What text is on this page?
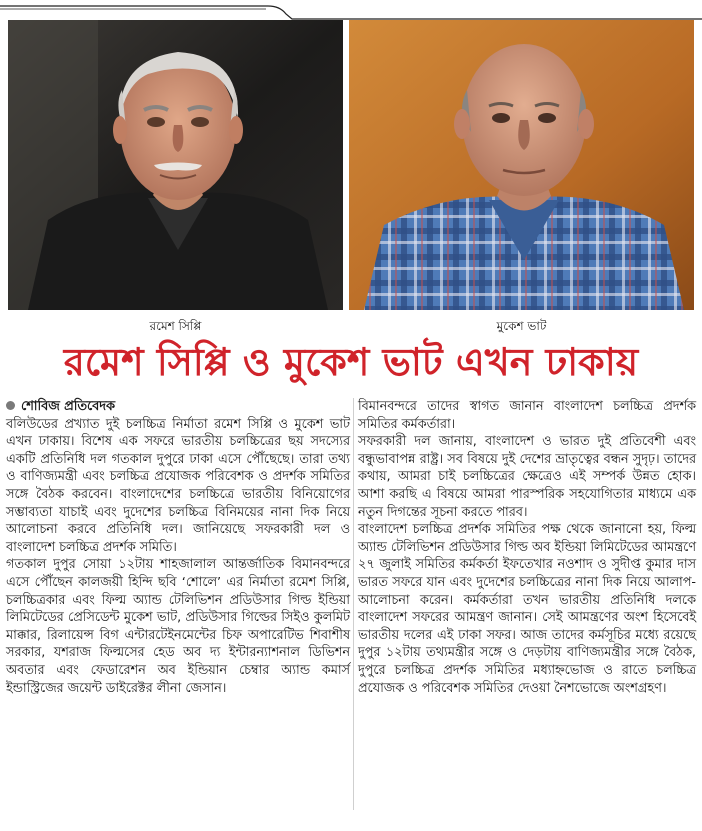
রমেশ সিপ্পি	মুকেশ ভাট
রমেশ সিপ্পি ও মুকেশ ভাট এখন ঢাকায়

শোবিজ প্রতিবেদক

বলিউডের প্রখ্যাত দুই চলচ্চিত্র নির্মাতা রমেশ সিপ্পি ও মুকেশ ভাট এখন ঢাকায়। বিশেষ এক সফরে ভারতীয় চলচ্চিত্রের ছয় সদস্যের একটি প্রতিনিধি দল গতকাল দুপুরে ঢাকা এসে পৌঁছেছে। তারা তথ্য ও বাণিজ্যমন্ত্রী এবং চলচ্চিত্র প্রযোজক পরিবেশক ও প্রদর্শক সমিতির সঙ্গে বৈঠক করবেন। বাংলাদেশের চলচ্চিত্রে ভারতীয় বিনিয়োগের সম্ভাব্যতা যাচাই এবং দুদেশের চলচ্চিত্র বিনিময়ের নানা দিক নিয়ে আলোচনা করবে প্রতিনিধি দল। জানিয়েছে সফরকারী দল ও বাংলাদেশ চলচ্চিত্র প্রদর্শক সমিতি।

গতকাল দুপুর সোয়া ১২টায় শাহজালাল আন্তর্জাতিক বিমানবন্দরে এসে পৌঁছেন কালজয়ী হিন্দি ছবি ‘শোলে’ এর নির্মাতা রমেশ সিপ্পি, চলচ্চিত্রকার এবং ফিল্ম অ্যান্ড টেলিভিশন প্রডিউসার গিল্ড ইন্ডিয়া লিমিটেডের প্রেসিডেন্ট মুকেশ ভাট, প্রডিউসার গিল্ডের সিইও কুলমিট মাক্কার, রিলায়েন্স বিগ এন্টারটেইনমেন্টের চিফ অপারেটিভ শিবাশীষ সরকার, যশরাজ ফিল্মসের হেড অব দ্য ইন্টারন্যাশনাল ডিভিশন অবতার এবং ফেডারেশন অব ইন্ডিয়ান চেম্বার অ্যান্ড কমার্স ইন্ডাস্ট্রিজের জয়েন্ট ডাইরেক্টর লীনা জেসান।

বিমানবন্দরে তাদের স্বাগত জানান বাংলাদেশ চলচ্চিত্র প্রদর্শক সমিতির কর্মকর্তারা।

সফরকারী দল জানায়, বাংলাদেশ ও ভারত দুই প্রতিবেশী এবং বন্ধুভাবাপন্ন রাষ্ট্র। সব বিষয়ে দুই দেশের ভ্রাতৃত্বের বন্ধন সুদৃঢ়। তাদের কথায়, আমরা চাই চলচ্চিত্রের ক্ষেত্রেও এই সম্পর্ক উন্নত হোক। আশা করছি এ বিষয়ে আমরা পারস্পরিক সহযোগিতার মাধ্যমে এক নতুন দিগন্তের সূচনা করতে পারব।

বাংলাদেশ চলচ্চিত্র প্রদর্শক সমিতির পক্ষ থেকে জানানো হয়, ফিল্ম অ্যান্ড টেলিভিশন প্রডিউসার গিল্ড অব ইন্ডিয়া লিমিটেডের আমন্ত্রণে ২৭ জুলাই সমিতির কর্মকর্তা ইফতেখার নওশাদ ও সুদীপ্ত কুমার দাস ভারত সফরে যান এবং দুদেশের চলচ্চিত্রের নানা দিক নিয়ে আলাপ-আলোচনা করেন। কর্মকর্তারা তখন ভারতীয় প্রতিনিধি দলকে বাংলাদেশ সফরের আমন্ত্রণ জানান। সেই আমন্ত্রণের অংশ হিসেবেই ভারতীয় দলের এই ঢাকা সফর। আজ তাদের কর্মসূচির মধ্যে রয়েছে দুপুর ১২টায় তথ্যমন্ত্রীর সঙ্গে ও দেড়টায় বাণিজ্যমন্ত্রীর সঙ্গে বৈঠক, দুপুরে চলচ্চিত্র প্রদর্শক সমিতির মধ্যাহ্নভোজ ও রাতে চলচ্চিত্র প্রযোজক ও পরিবেশক সমিতির দেওয়া নৈশভোজে অংশগ্রহণ।
